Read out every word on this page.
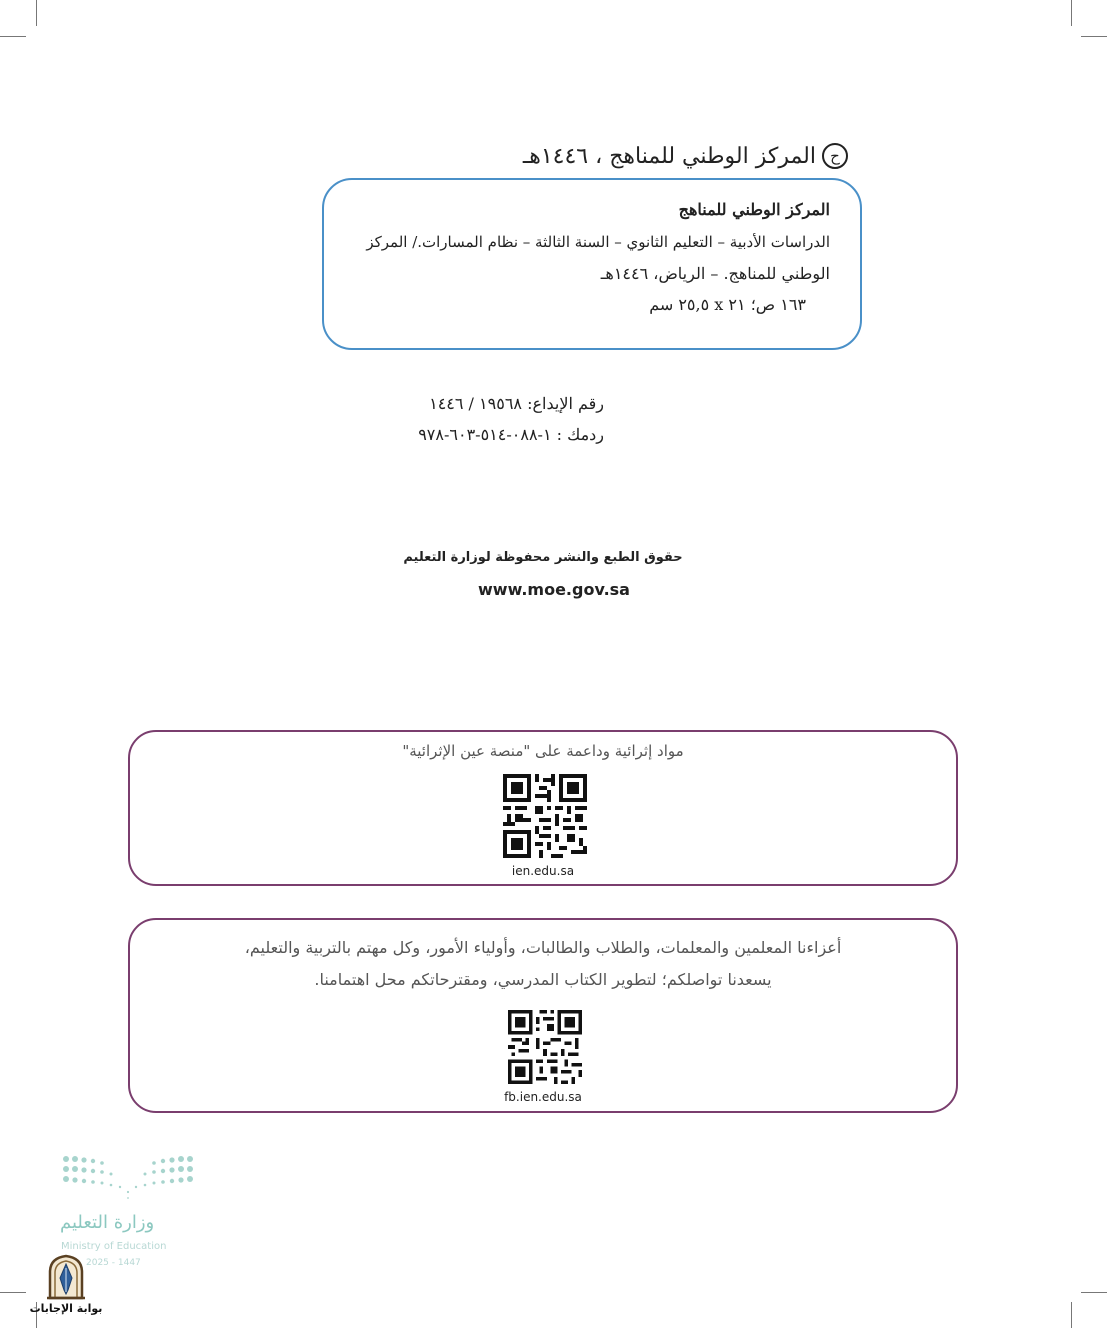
ح
المركز الوطني للمناهج ، ١٤٤٦هـ
المركز الوطني للمناهج
الدراسات الأدبية – التعليم الثانوي – السنة الثالثة – نظام المسارات./ المركز
الوطني للمناهج. – الرياض، ١٤٤٦هـ
١٦٣ ص؛ ٢١ x ٢٥,٥ سم
رقم الإيداع: ١٩٥٦٨ / ١٤٤٦
ردمك : ١-٠٨٨-٥١٤-٦٠٣-٩٧٨
حقوق الطبع والنشر محفوظة لوزارة التعليم
www.moe.gov.sa
مواد إثرائية وداعمة على "منصة عين الإثرائية"
ien.edu.sa
أعزاءنا المعلمين والمعلمات، والطلاب والطالبات، وأولياء الأمور، وكل مهتم بالتربية والتعليم،
يسعدنا تواصلكم؛ لتطوير الكتاب المدرسي، ومقترحاتكم محل اهتمامنا.
fb.ien.edu.sa
وزارة التعليم
Ministry of Education
2025 - 1447
بوابة الإجابات
